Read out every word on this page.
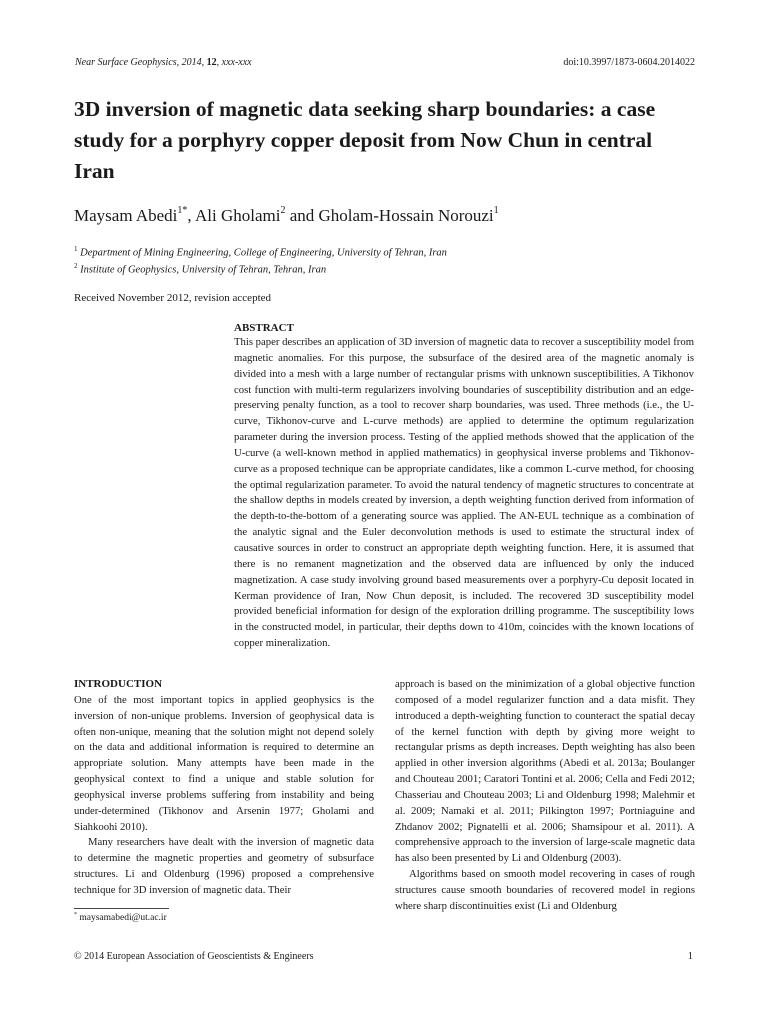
Near Surface Geophysics, 2014, 12, xxx-xxx	doi:10.3997/1873-0604.2014022
3D inversion of magnetic data seeking sharp boundaries: a case study for a porphyry copper deposit from Now Chun in central Iran
Maysam Abedi$^{1*}$, Ali Gholami$^2$ and Gholam-Hossain Norouzi$^1$
$^1$ Department of Mining Engineering, College of Engineering, University of Tehran, Iran
$^2$ Institute of Geophysics, University of Tehran, Tehran, Iran
Received November 2012, revision accepted
ABSTRACT

This paper describes an application of 3D inversion of magnetic data to recover a susceptibility model from magnetic anomalies. For this purpose, the subsurface of the desired area of the magnetic anomaly is divided into a mesh with a large number of rectangular prisms with unknown susceptibilities. A Tikhonov cost function with multi-term regularizers involving boundaries of susceptibility distribution and an edge-preserving penalty function, as a tool to recover sharp boundaries, was used. Three methods (i.e., the U-curve, Tikhonov-curve and L-curve methods) are applied to determine the optimum regularization parameter during the inversion process. Testing of the applied methods showed that the application of the U-curve (a well-known method in applied mathematics) in geophysical inverse problems and Tikhonov-curve as a proposed technique can be appropriate candidates, like a common L-curve method, for choosing the optimal regularization parameter. To avoid the natural tendency of magnetic structures to concentrate at the shallow depths in models created by inversion, a depth weighting function derived from information of the depth-to-the-bottom of a generating source was applied. The AN-EUL technique as a combination of the analytic signal and the Euler deconvolution methods is used to estimate the structural index of causative sources in order to construct an appropriate depth weighting function. Here, it is assumed that there is no remanent magnetization and the observed data are influenced by only the induced magnetization. A case study involving ground based measurements over a porphyry-Cu deposit located in Kerman providence of Iran, Now Chun deposit, is included. The recovered 3D susceptibility model provided beneficial information for design of the exploration drilling programme. The susceptibility lows in the constructed model, in particular, their depths down to 410m, coincides with the known locations of copper mineralization.

INTRODUCTION

One of the most important topics in applied geophysics is the inversion of non-unique problems. Inversion of geophysical data is often non-unique, meaning that the solution might not depend solely on the data and additional information is required to determine an appropriate solution. Many attempts have been made in the geophysical context to find a unique and stable solution for geophysical inverse problems suffering from instability and being under-determined (Tikhonov and Arsenin 1977; Gholami and Siahkoohi 2010).

Many researchers have dealt with the inversion of magnetic data to determine the magnetic properties and geometry of subsurface structures. Li and Oldenburg (1996) proposed a comprehensive technique for 3D inversion of magnetic data. Their

approach is based on the minimization of a global objective function composed of a model regularizer function and a data misfit. They introduced a depth-weighting function to counteract the spatial decay of the kernel function with depth by giving more weight to rectangular prisms as depth increases. Depth weighting has also been applied in other inversion algorithms (Abedi et al. 2013a; Boulanger and Chouteau 2001; Caratori Tontini et al. 2006; Cella and Fedi 2012; Chasseriau and Chouteau 2003; Li and Oldenburg 1998; Malehmir et al. 2009; Namaki et al. 2011; Pilkington 1997; Portniaguine and Zhdanov 2002; Pignatelli et al. 2006; Shamsipour et al. 2011). A comprehensive approach to the inversion of large-scale magnetic data has also been presented by Li and Oldenburg (2003).

Algorithms based on smooth model recovering in cases of rough structures cause smooth boundaries of recovered model in regions where sharp discontinuities exist (Li and Oldenburg

* maysamabedi@ut.ac.ir
© 2014 European Association of Geoscientists & Engineers	1
